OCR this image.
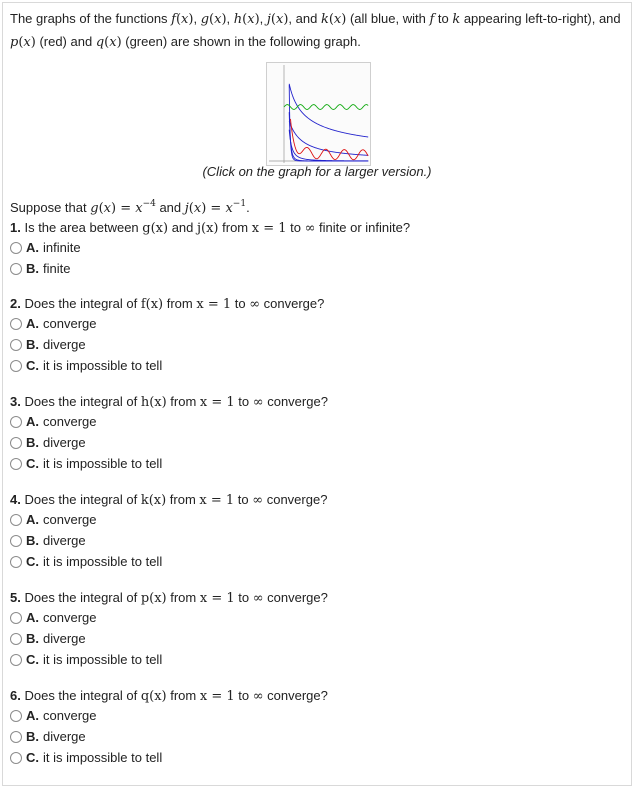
The graphs of the functions f(x), g(x), h(x), j(x), and k(x) (all blue, with f to k appearing left-to-right), and p(x) (red) and q(x) (green) are shown in the following graph.
(Click on the graph for a larger version.)
Suppose that $g(x) = x^{-4}$ and $j(x) = x^{-1}$.
1. Is the area between g(x) and j(x) from x = 1 to ∞ finite or infinite?
A. infinite
B. finite
2. Does the integral of f(x) from x = 1 to ∞ converge?
A. converge
B. diverge
C. it is impossible to tell
3. Does the integral of h(x) from x = 1 to ∞ converge?
A. converge
B. diverge
C. it is impossible to tell
4. Does the integral of k(x) from x = 1 to ∞ converge?
A. converge
B. diverge
C. it is impossible to tell
5. Does the integral of p(x) from x = 1 to ∞ converge?
A. converge
B. diverge
C. it is impossible to tell
6. Does the integral of q(x) from x = 1 to ∞ converge?
A. converge
B. diverge
C. it is impossible to tell
